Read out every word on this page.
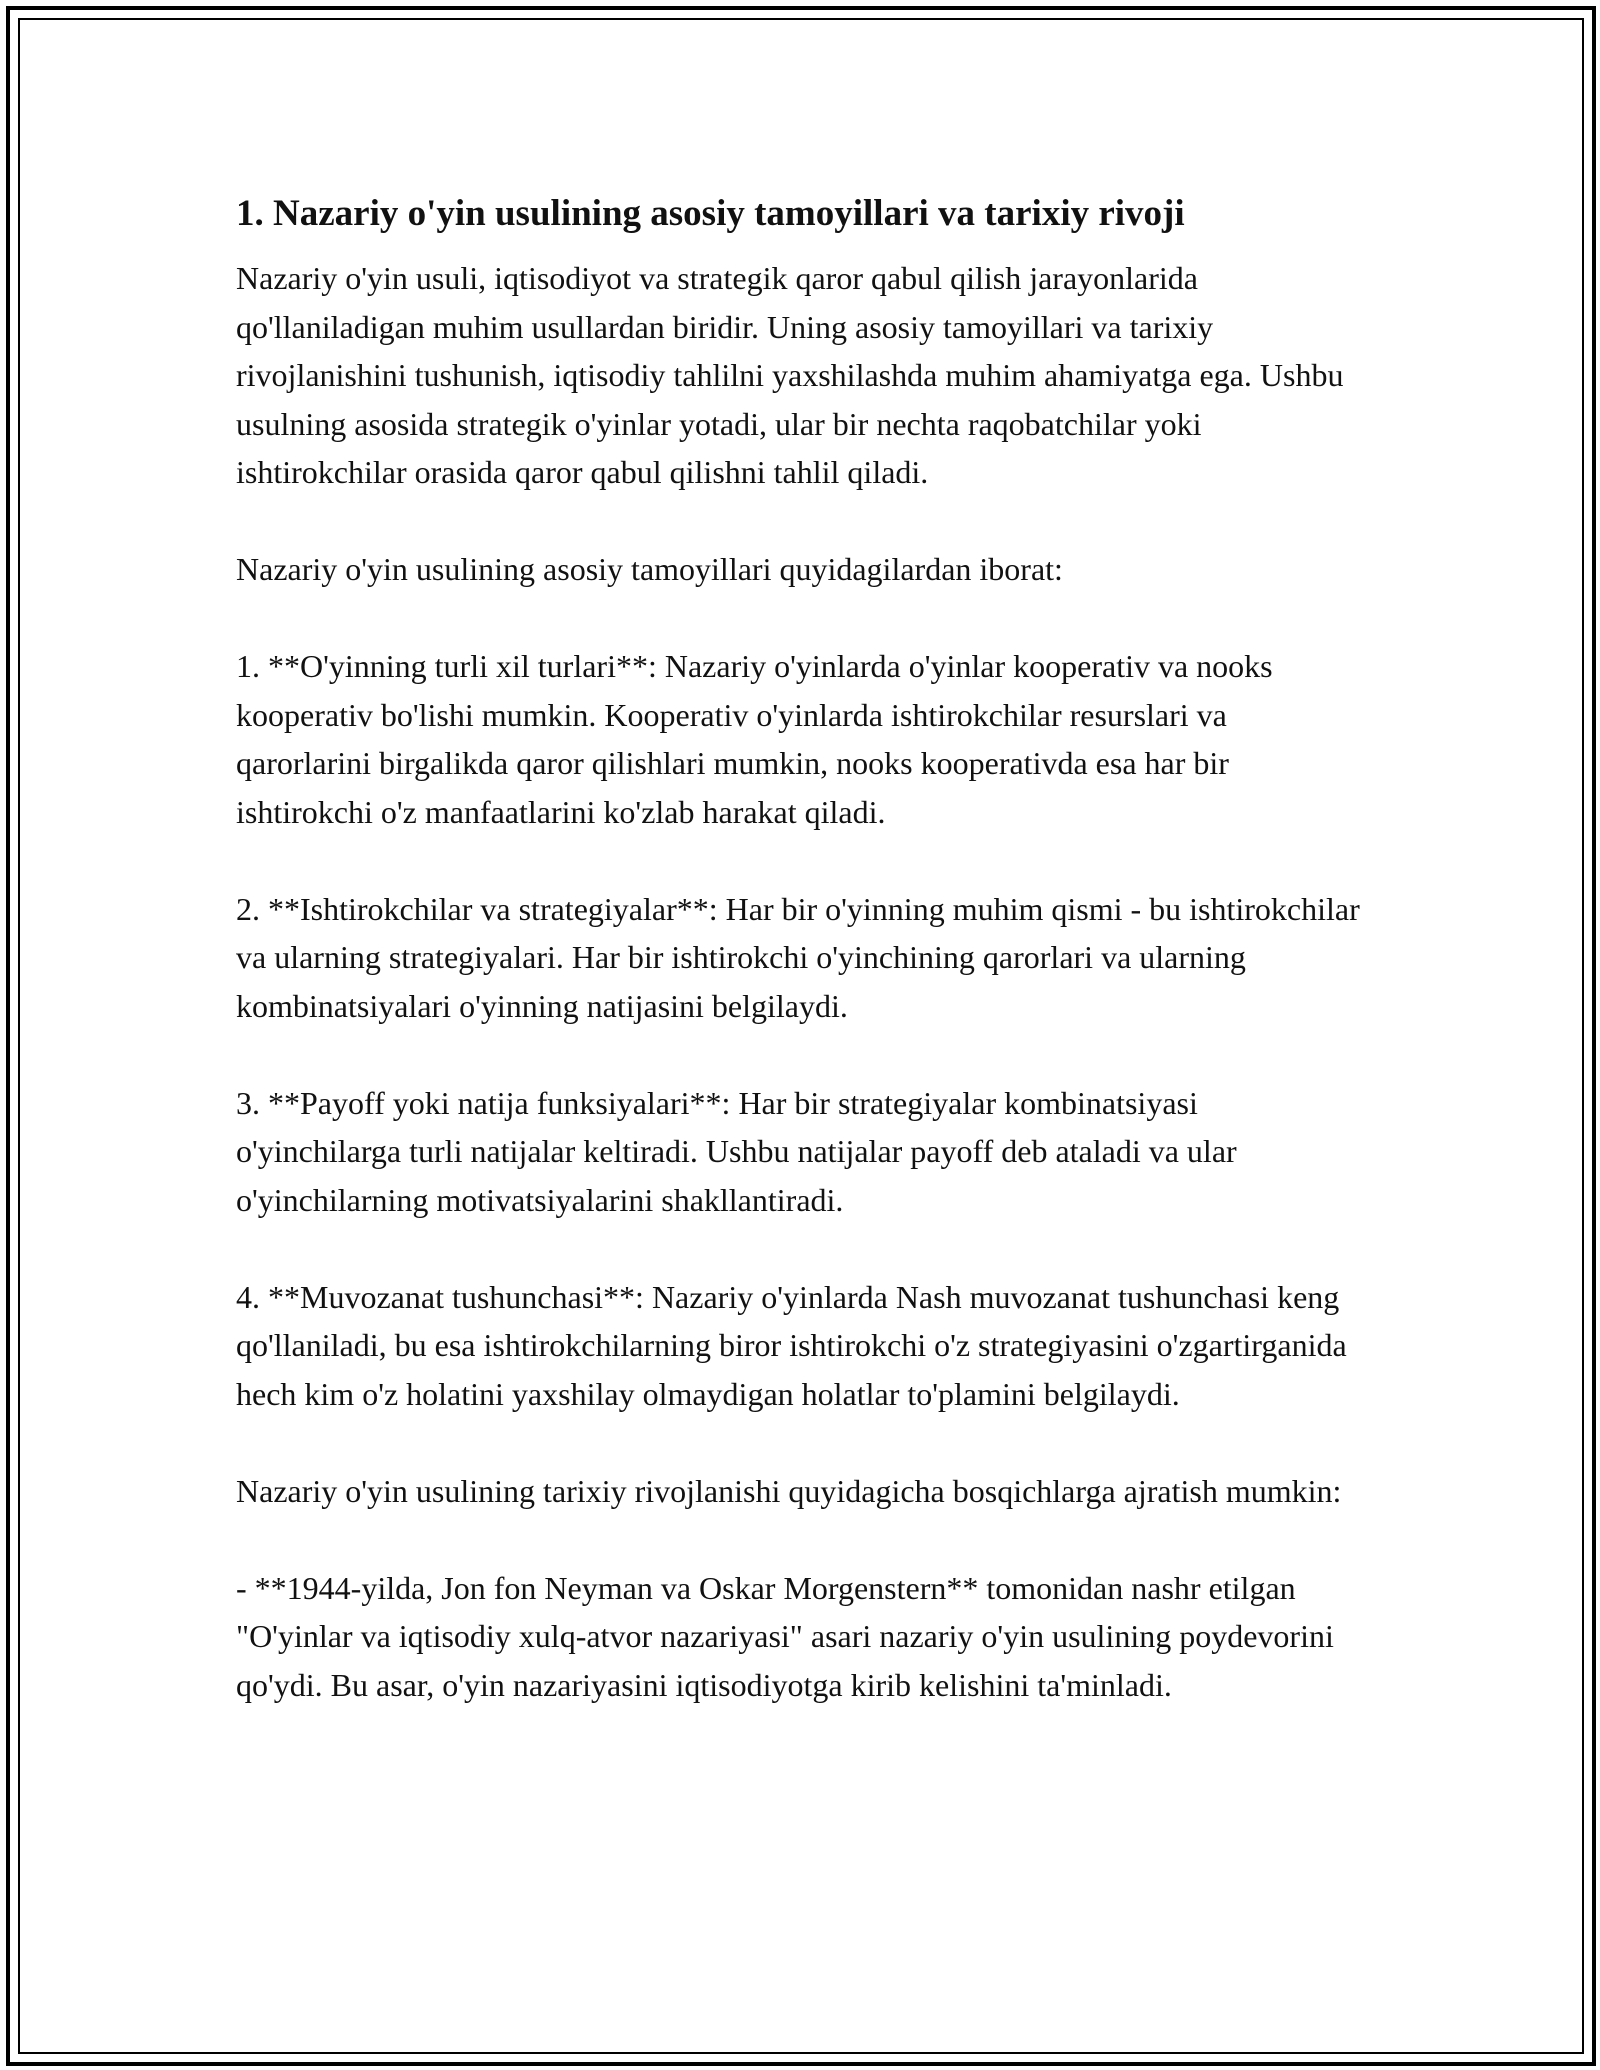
1. Nazariy o'yin usulining asosiy tamoyillari va tarixiy rivoji

Nazariy o'yin usuli, iqtisodiyot va strategik qaror qabul qilish jarayonlarida qo'llaniladigan muhim usullardan biridir. Uning asosiy tamoyillari va tarixiy rivojlanishini tushunish, iqtisodiy tahlilni yaxshilashda muhim ahamiyatga ega. Ushbu usulning asosida strategik o'yinlar yotadi, ular bir nechta raqobatchilar yoki ishtirokchilar orasida qaror qabul qilishni tahlil qiladi.

Nazariy o'yin usulining asosiy tamoyillari quyidagilardan iborat:

1. **O'yinning turli xil turlari**: Nazariy o'yinlarda o'yinlar kooperativ va nooks kooperativ bo'lishi mumkin. Kooperativ o'yinlarda ishtirokchilar resurslari va qarorlarini birgalikda qaror qilishlari mumkin, nooks kooperativda esa har bir ishtirokchi o'z manfaatlarini ko'zlab harakat qiladi.

2. **Ishtirokchilar va strategiyalar**: Har bir o'yinning muhim qismi - bu ishtirokchilar va ularning strategiyalari. Har bir ishtirokchi o'yinchining qarorlari va ularning kombinatsiyalari o'yinning natijasini belgilaydi.

3. **Payoff yoki natija funksiyalari**: Har bir strategiyalar kombinatsiyasi o'yinchilarga turli natijalar keltiradi. Ushbu natijalar payoff deb ataladi va ular o'yinchilarning motivatsiyalarini shakllantiradi.

4. **Muvozanat tushunchasi**: Nazariy o'yinlarda Nash muvozanat tushunchasi keng qo'llaniladi, bu esa ishtirokchilarning biror ishtirokchi o'z strategiyasini o'zgartirganida hech kim o'z holatini yaxshilay olmaydigan holatlar to'plamini belgilaydi.

Nazariy o'yin usulining tarixiy rivojlanishi quyidagicha bosqichlarga ajratish mumkin:

- **1944-yilda, Jon fon Neyman va Oskar Morgenstern** tomonidan nashr etilgan "O'yinlar va iqtisodiy xulq-atvor nazariyasi" asari nazariy o'yin usulining poydevorini qo'ydi. Bu asar, o'yin nazariyasini iqtisodiyotga kirib kelishini ta'minladi.
